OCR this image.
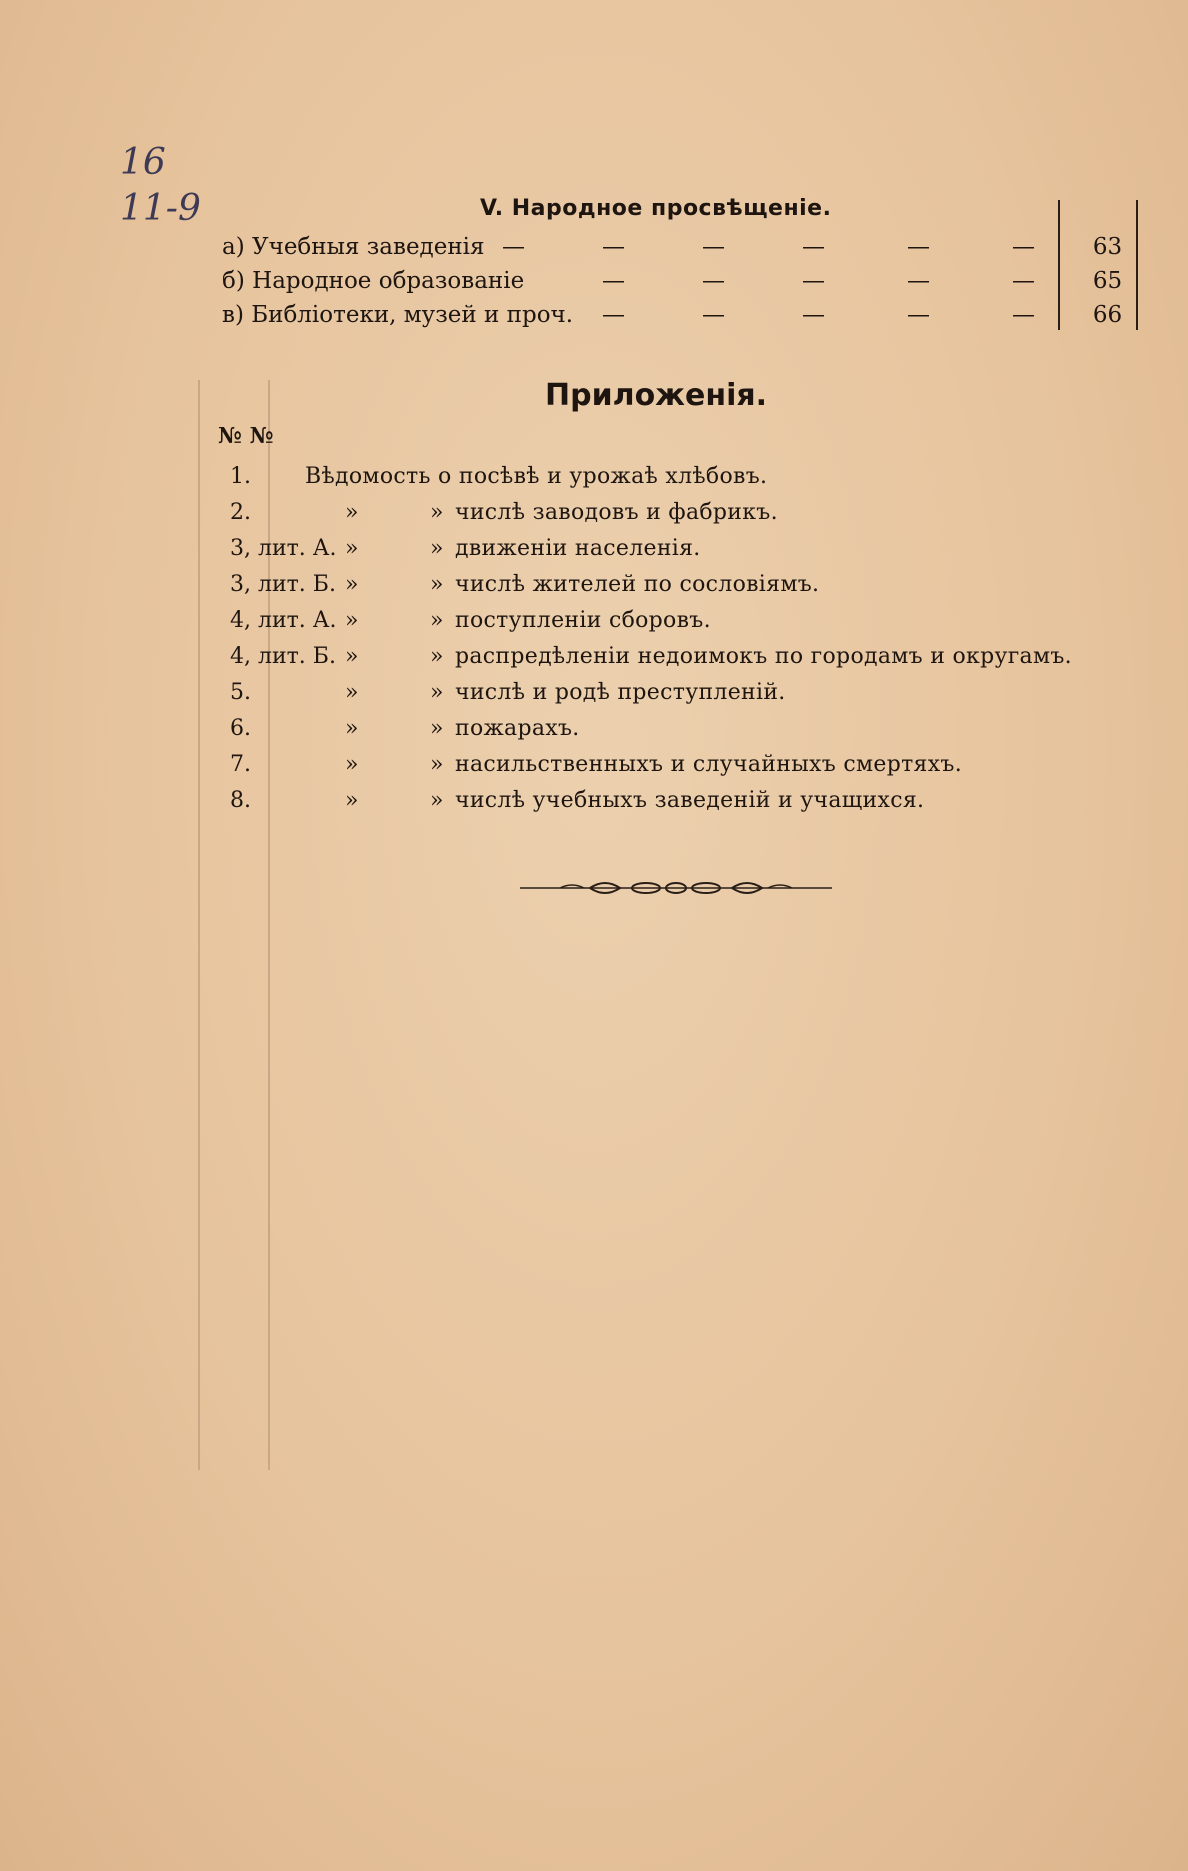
16
11-9	V. Народное просвѣщеніе.
а) Учебныя заведенія —	—	—	—	—	—	63
б) Народное образованіе	—	—	—	—	—	65
в) Библіотеки, музей и проч. —	—	—	—	—	66
Приложенія.
№ №
1. Вѣдомость о посѣвѣ и урожаѣ хлѣбовъ.
2.	»	» числѣ заводовъ и фабрикъ.
3, лит. А. »	» движеніи населенія.
3, лит. Б. »	» числѣ жителей по сословіямъ.
4, лит. А. »	» поступленіи сборовъ.
4, лит. Б. »	» распредѣленіи недоимокъ по городамъ и округамъ.
5.	»	» числѣ и родѣ преступленій.
6.	»	» пожарахъ.
7.	»	» насильственныхъ и случайныхъ смертяхъ.
8.	»	» числѣ учебныхъ заведеній и учащихся.
